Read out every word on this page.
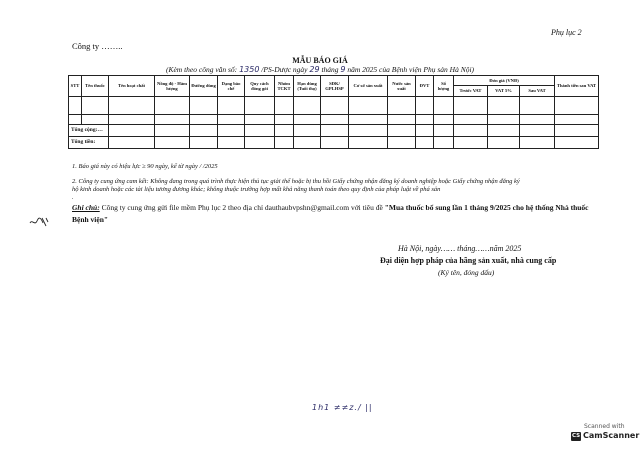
Phụ lục 2
Công ty ……..
MẪU BÁO GIÁ
(Kèm theo công văn số: 1350 /PS-Dược ngày 29 tháng 9 năm 2025 của Bệnh viện Phụ sản Hà Nội)
STT	Tên thuốc	Tên hoạt chất	Nồng độ - Hàm lượng	Đường dùng	Dạng bào chế	Quy cách đóng gói	Nhóm TCKT	Hạn dùng (Tuổi thọ)	SĐK/ GPLHSP	Cơ sở sản xuất	Nước sản xuất	ĐVT	Số lượng	Đơn giá (VNĐ)			Thành tiền sau VAT
														Trước VAT	VAT 5%	Sau VAT	

Tổng cộng:…																	
Tổng tiền:																	
1. Báo giá này có hiệu lực ≥ 90 ngày, kể từ ngày / /2025
2. Công ty cung ứng cam kết: Không đang trong quá trình thực hiện thủ tục giải thể hoặc bị thu hồi Giấy chứng nhận đăng ký doanh nghiệp hoặc Giấy chứng nhận đăng ký
hộ kinh doanh hoặc các tài liệu tương đương khác; không thuộc trường hợp mất khả năng thanh toán theo quy định của pháp luật về phá sản
.
Ghi chú: Công ty cung ứng gửi file mềm Phụ lục 2 theo địa chỉ dauthaubvpshn@gmail.com với tiêu đề "Mua thuốc bổ sung lần 1 tháng 9/2025 cho hệ thống Nhà thuốc Bệnh viện"
Hà Nội, ngày…… tháng……năm 2025
Đại diện hợp pháp của hãng sản xuất, nhà cung cấp
(Ký tên, đóng dấu)
1h1 ≠≠z./ ||
Scanned with
CS CamScanner
